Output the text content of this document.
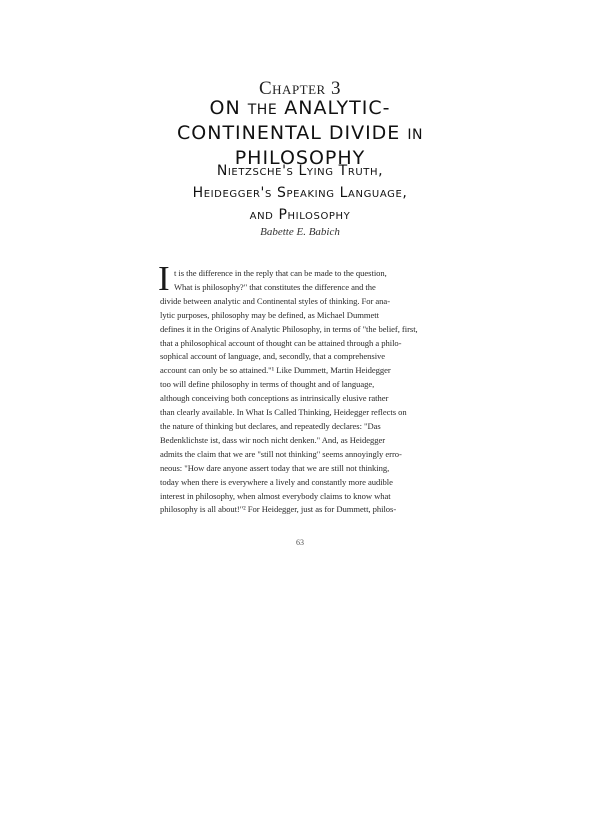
Chapter 3
ON THE ANALYTIC-
CONTINENTAL DIVIDE IN
PHILOSOPHY
Nietzsche's Lying Truth,
Heidegger's Speaking Language,
and Philosophy
Babette E. Babich
I t is the difference in the reply that can be made to the question,
What is philosophy?" that constitutes the difference and the
divide between analytic and Continental styles of thinking. For ana-
lytic purposes, philosophy may be defined, as Michael Dummett
defines it in the Origins of Analytic Philosophy, in terms of "the belief, first,
that a philosophical account of thought can be attained through a philo-
sophical account of language, and, secondly, that a comprehensive
account can only be so attained."¹ Like Dummett, Martin Heidegger
too will define philosophy in terms of thought and of language,
although conceiving both conceptions as intrinsically elusive rather
than clearly available. In What Is Called Thinking, Heidegger reflects on
the nature of thinking but declares, and repeatedly declares: "Das
Bedenklichste ist, dass wir noch nicht denken." And, as Heidegger
admits the claim that we are "still not thinking" seems annoyingly erro-
neous: "How dare anyone assert today that we are still not thinking,
today when there is everywhere a lively and constantly more audible
interest in philosophy, when almost everybody claims to know what
philosophy is all about!"² For Heidegger, just as for Dummett, philos-
63
